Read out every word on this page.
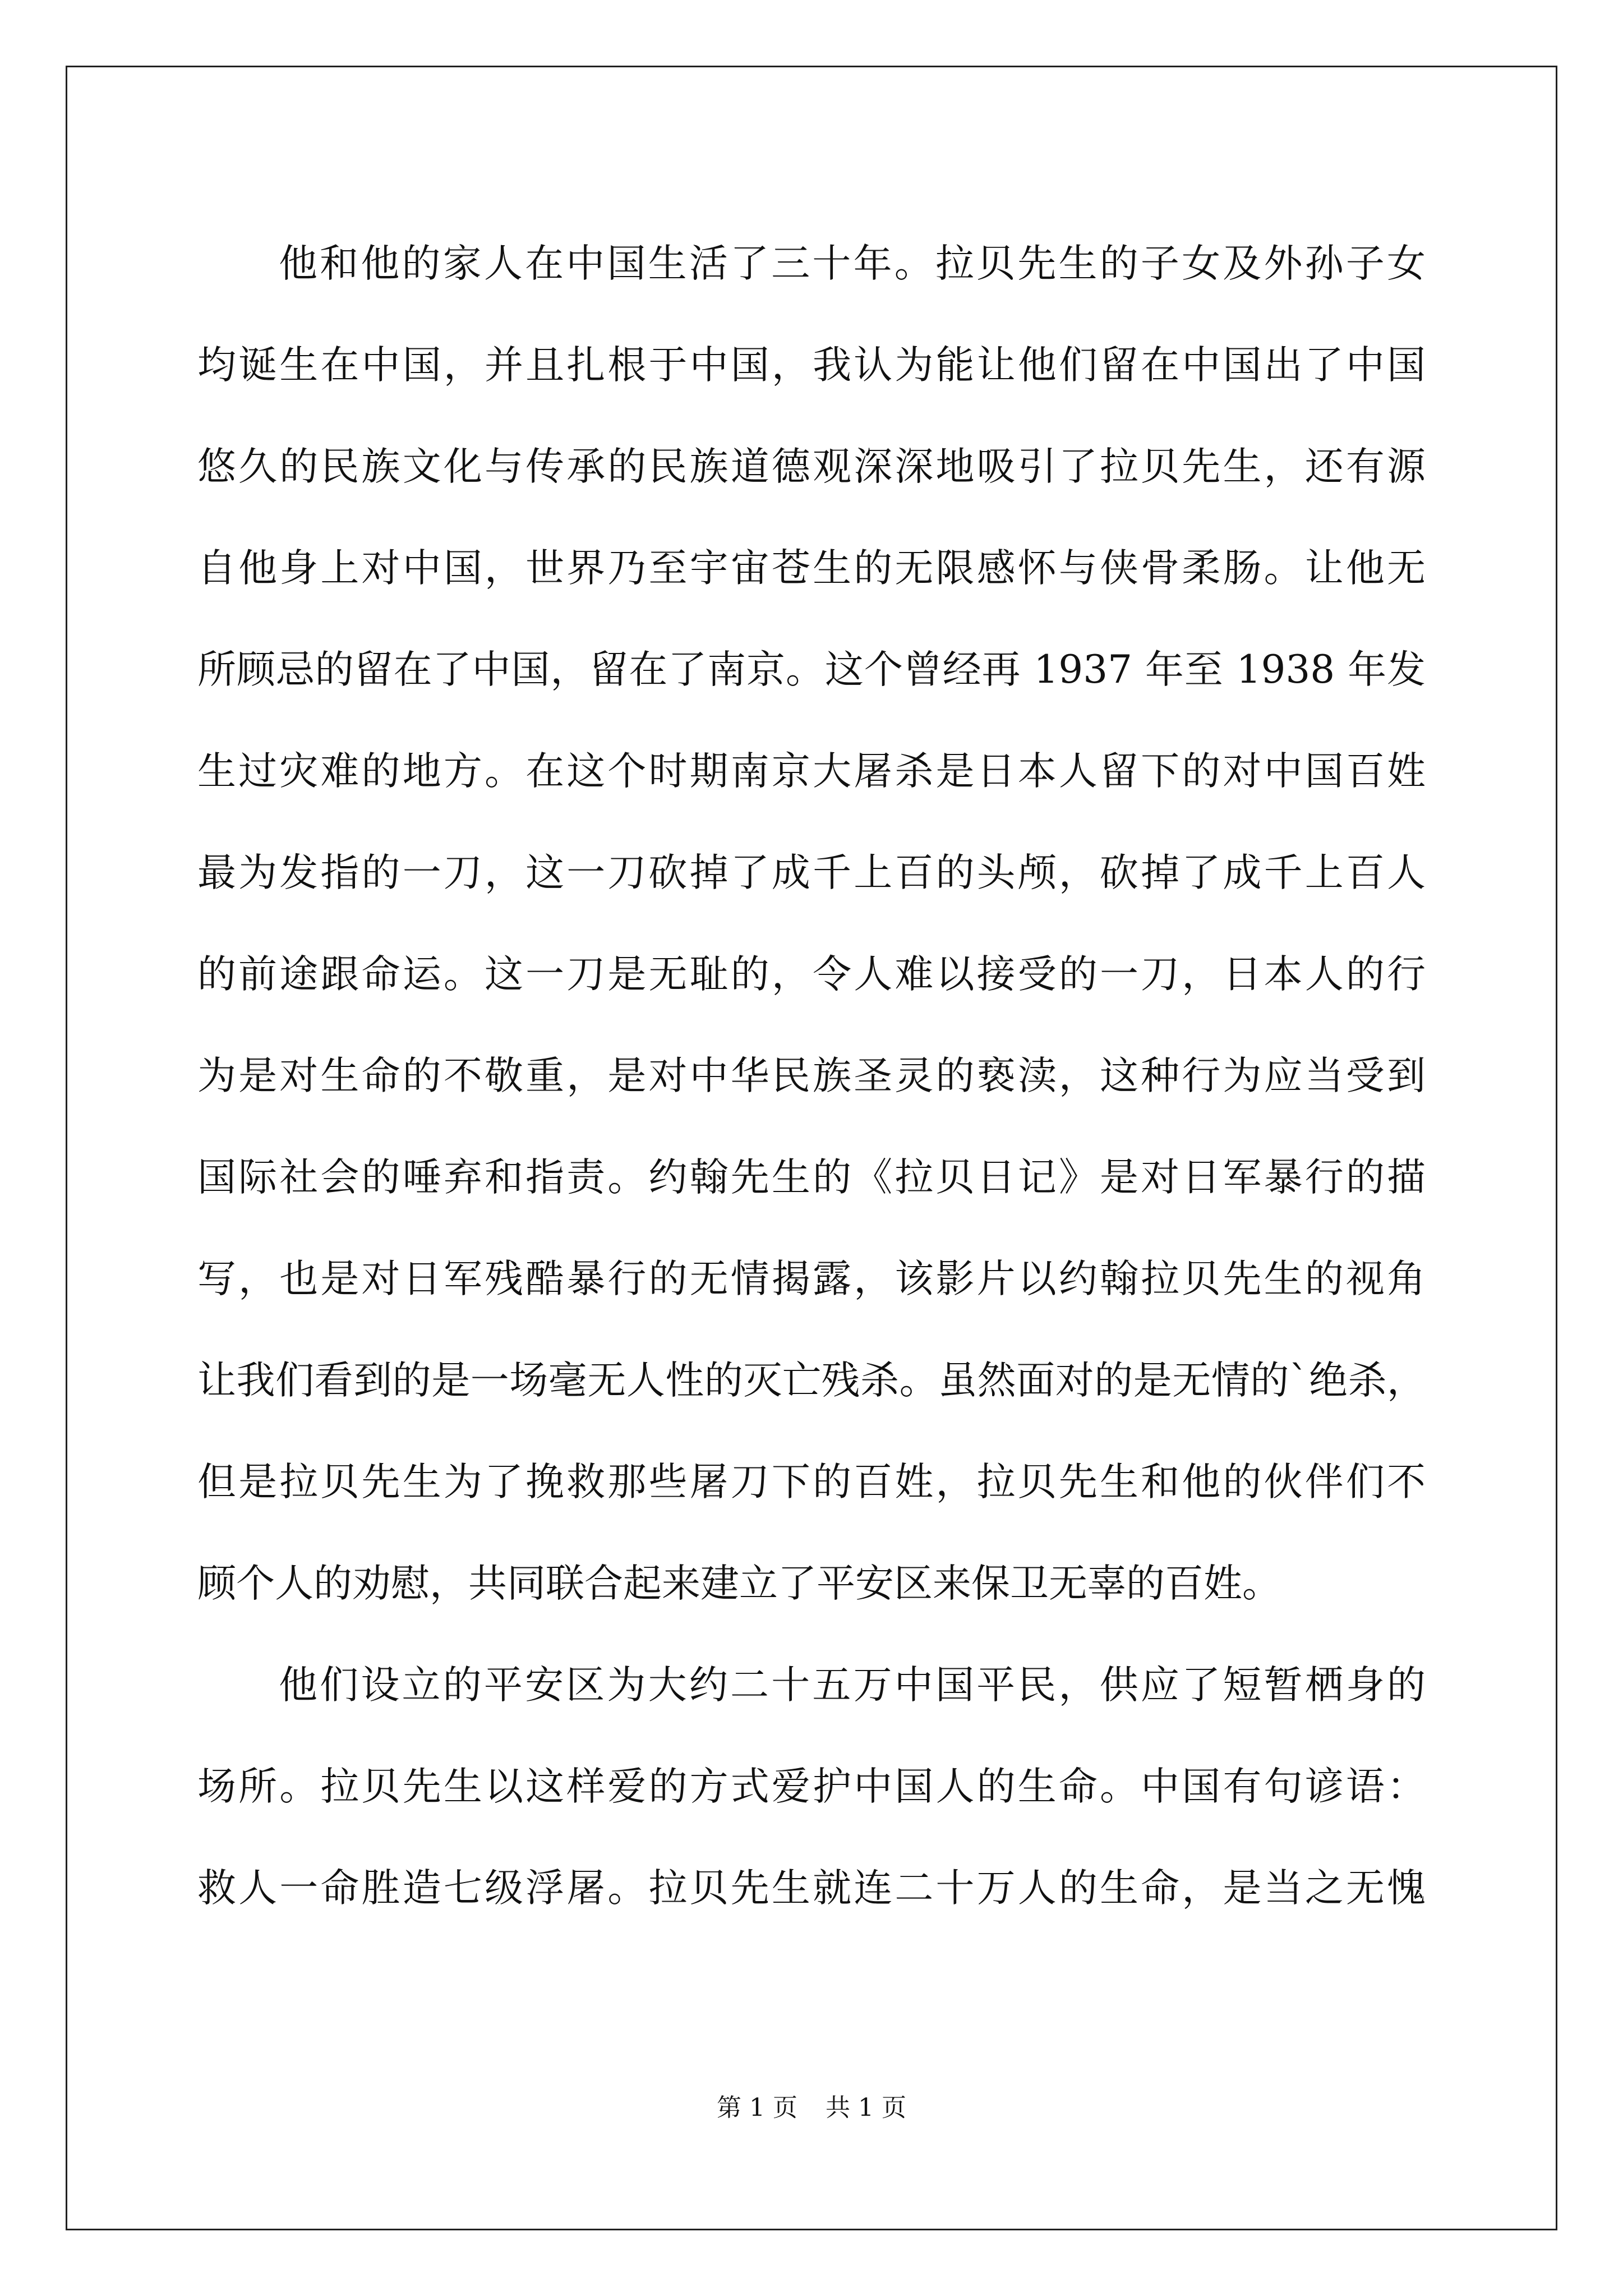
他和他的家人在中国生活了三十年。拉贝先生的子女及外孙子女
均诞生在中国，并且扎根于中国，我认为能让他们留在中国出了中国
悠久的民族文化与传承的民族道德观深深地吸引了拉贝先生，还有源
自他身上对中国，世界乃至宇宙苍生的无限感怀与侠骨柔肠。让他无
所顾忌的留在了中国，留在了南京。这个曾经再 1937 年至 1938 年发
生过灾难的地方。在这个时期南京大屠杀是日本人留下的对中国百姓
最为发指的一刀，这一刀砍掉了成千上百的头颅，砍掉了成千上百人
的前途跟命运。这一刀是无耻的，令人难以接受的一刀，日本人的行
为是对生命的不敬重，是对中华民族圣灵的亵渎，这种行为应当受到
国际社会的唾弃和指责。约翰先生的《拉贝日记》是对日军暴行的描
写，也是对日军残酷暴行的无情揭露，该影片以约翰拉贝先生的视角
让我们看到的是一场毫无人性的灭亡残杀。虽然面对的是无情的`绝杀，
但是拉贝先生为了挽救那些屠刀下的百姓，拉贝先生和他的伙伴们不
顾个人的劝慰，共同联合起来建立了平安区来保卫无辜的百姓。
他们设立的平安区为大约二十五万中国平民，供应了短暂栖身的
场所。拉贝先生以这样爱的方式爱护中国人的生命。中国有句谚语：
救人一命胜造七级浮屠。拉贝先生就连二十万人的生命，是当之无愧
第 1 页 共 1 页
